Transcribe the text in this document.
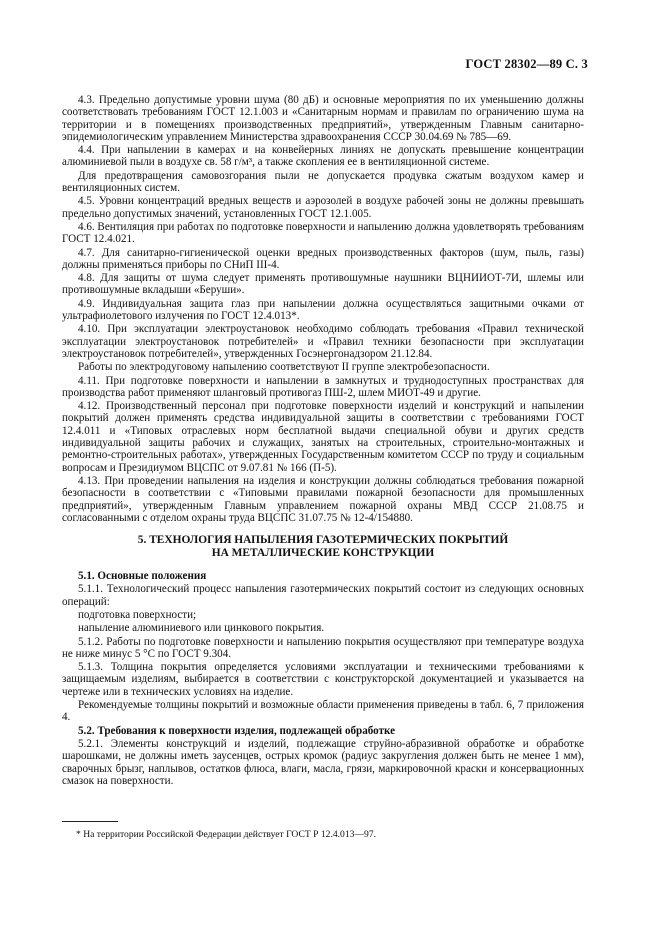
ГОСТ 28302—89 С. 3

4.3. Предельно допустимые уровни шума (80 дБ) и основные мероприятия по их уменьшению должны соответствовать требованиям ГОСТ 12.1.003 и «Санитарным нормам и правилам по ограничению шума на территории и в помещениях производственных предприятий», утвержденным Главным санитарно-эпидемиологическим управлением Министерства здравоохранения СССР 30.04.69 № 785—69.

4.4. При напылении в камерах и на конвейерных линиях не допускать превышение концентрации алюминиевой пыли в воздухе св. 58 г/м³, а также скопления ее в вентиляционной системе.

Для предотвращения самовозгорания пыли не допускается продувка сжатым воздухом камер и вентиляционных систем.

4.5. Уровни концентраций вредных веществ и аэрозолей в воздухе рабочей зоны не должны превышать предельно допустимых значений, установленных ГОСТ 12.1.005.

4.6. Вентиляция при работах по подготовке поверхности и напылению должна удовлетворять требованиям ГОСТ 12.4.021.

4.7. Для санитарно-гигиенической оценки вредных производственных факторов (шум, пыль, газы) должны применяться приборы по СНиП III-4.

4.8. Для защиты от шума следует применять противошумные наушники ВЦНИИОТ-7И, шлемы или противошумные вкладыши «Беруши».

4.9. Индивидуальная защита глаз при напылении должна осуществляться защитными очками от ультрафиолетового излучения по ГОСТ 12.4.013*.

4.10. При эксплуатации электроустановок необходимо соблюдать требования «Правил технической эксплуатации электроустановок потребителей» и «Правил техники безопасности при эксплуатации электроустановок потребителей», утвержденных Госэнергонадзором 21.12.84.

Работы по электродуговому напылению соответствуют II группе электробезопасности.

4.11. При подготовке поверхности и напылении в замкнутых и труднодоступных пространствах для производства работ применяют шланговый противогаз ПШ-2, шлем МИОТ-49 и другие.

4.12. Производственный персонал при подготовке поверхности изделий и конструкций и напылении покрытий должен применять средства индивидуальной защиты в соответствии с требованиями ГОСТ 12.4.011 и «Типовых отраслевых норм бесплатной выдачи специальной обуви и других средств индивидуальной защиты рабочих и служащих, занятых на строительных, строительно-монтажных и ремонтно-строительных работах», утвержденных Государственным комитетом СССР по труду и социальным вопросам и Президиумом ВЦСПС от 9.07.81 № 166 (П-5).

4.13. При проведении напыления на изделия и конструкции должны соблюдаться требования пожарной безопасности в соответствии с «Типовыми правилами пожарной безопасности для промышленных предприятий», утвержденным Главным управлением пожарной охраны МВД СССР 21.08.75 и согласованными с отделом охраны труда ВЦСПС 31.07.75 № 12-4/154880.

5. ТЕХНОЛОГИЯ НАПЫЛЕНИЯ ГАЗОТЕРМИЧЕСКИХ ПОКРЫТИЙ
НА МЕТАЛЛИЧЕСКИЕ КОНСТРУКЦИИ

5.1. Основные положения

5.1.1. Технологический процесс напыления газотермических покрытий состоит из следующих основных операций:

подготовка поверхности;

напыление алюминиевого или цинкового покрытия.

5.1.2. Работы по подготовке поверхности и напылению покрытия осуществляют при температуре воздуха не ниже минус 5 °С по ГОСТ 9.304.

5.1.3. Толщина покрытия определяется условиями эксплуатации и техническими требованиями к защищаемым изделиям, выбирается в соответствии с конструкторской документацией и указывается на чертеже или в технических условиях на изделие.

Рекомендуемые толщины покрытий и возможные области применения приведены в табл. 6, 7 приложения 4.

5.2. Требования к поверхности изделия, подлежащей обработке

5.2.1. Элементы конструкций и изделий, подлежащие струйно-абразивной обработке и обработке шарошками, не должны иметь заусенцев, острых кромок (радиус закругления должен быть не менее 1 мм), сварочных брызг, наплывов, остатков флюса, влаги, масла, грязи, маркировочной краски и консервационных смазок на поверхности.

* На территории Российской Федерации действует ГОСТ Р 12.4.013—97.
